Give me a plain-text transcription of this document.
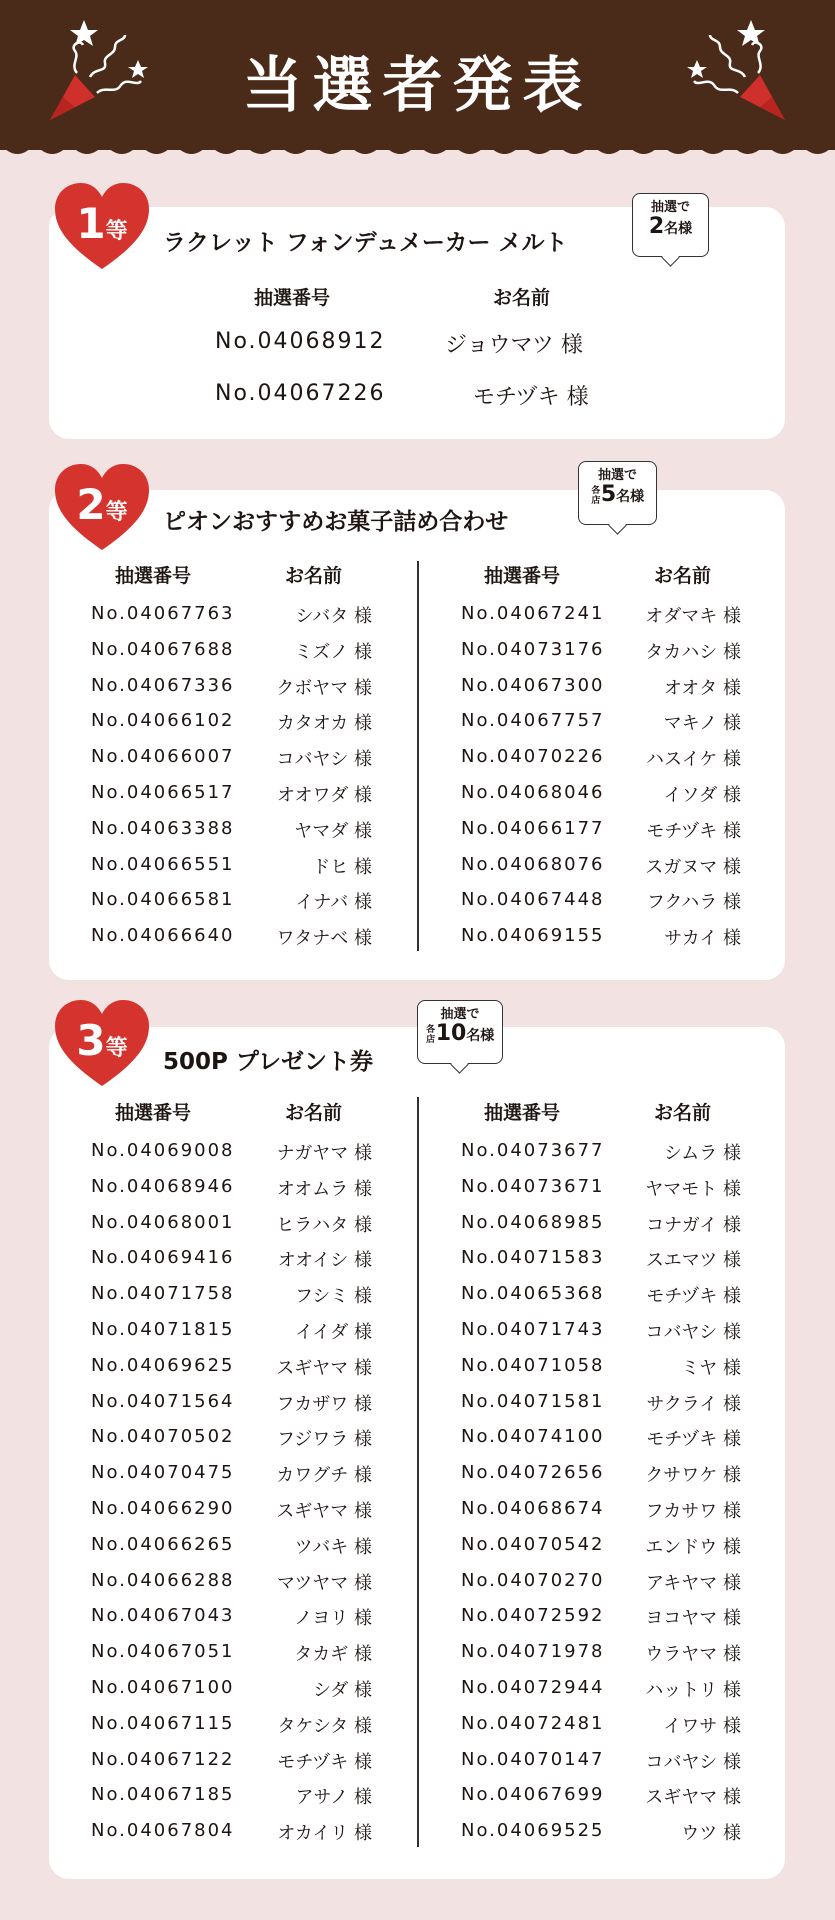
当選者発表
1等	ラクレット フォンデュメーカー メルト
抽選で
2名様
抽選番号	お名前
No.04068912	ジョウマツ 様
No.04067226	モチヅキ 様
2等	ピオンおすすめお菓子詰め合わせ
抽選で
各店5名様
抽選番号	お名前	抽選番号	お名前
No.04067763	シバタ 様
No.04067688	ミズノ 様
No.04067336 クボヤマ 様
No.04066102 カタオカ 様
No.04066007 コバヤシ 様
No.04066517 オオワダ 様
No.04063388	ヤマダ 様
No.04066551	ドヒ 様
No.04066581	イナバ 様
No.04066640 ワタナベ 様
No.04067241 オダマキ 様
No.04073176 タカハシ 様
No.04067300	オオタ 様
No.04067757	マキノ 様
No.04070226 ハスイケ 様
No.04068046	イソダ 様
No.04066177 モチヅキ 様
No.04068076 スガヌマ 様
No.04067448 フクハラ 様
No.04069155	サカイ 様
3等
500P プレゼント券
抽選で
各店10名様
抽選番号	お名前	抽選番号	お名前
No.04069008 ナガヤマ 様
No.04068946 オオムラ 様
No.04068001 ヒラハタ 様
No.04069416 オオイシ 様
No.04071758	フシミ 様
No.04071815	イイダ 様
No.04069625 スギヤマ 様
No.04071564 フカザワ 様
No.04070502 フジワラ 様
No.04070475 カワグチ 様
No.04066290 スギヤマ 様
No.04066265	ツバキ 様
No.04066288 マツヤマ 様
No.04067043	ノヨリ 様
No.04067051	タカギ 様
No.04067100	シダ 様
No.04067115 タケシタ 様
No.04067122 モチヅキ 様
No.04067185	アサノ 様
No.04067804 オカイリ 様
No.04073677	シムラ 様
No.04073671 ヤマモト 様
No.04068985 コナガイ 様
No.04071583 スエマツ 様
No.04065368 モチヅキ 様
No.04071743 コバヤシ 様
No.04071058	ミヤ 様
No.04071581 サクライ 様
No.04074100 モチヅキ 様
No.04072656 クサワケ 様
No.04068674 フカサワ 様
No.04070542 エンドウ 様
No.04070270 アキヤマ 様
No.04072592 ヨコヤマ 様
No.04071978 ウラヤマ 様
No.04072944 ハットリ 様
No.04072481	イワサ 様
No.04070147 コバヤシ 様
No.04067699 スギヤマ 様
No.04069525	ウツ 様
